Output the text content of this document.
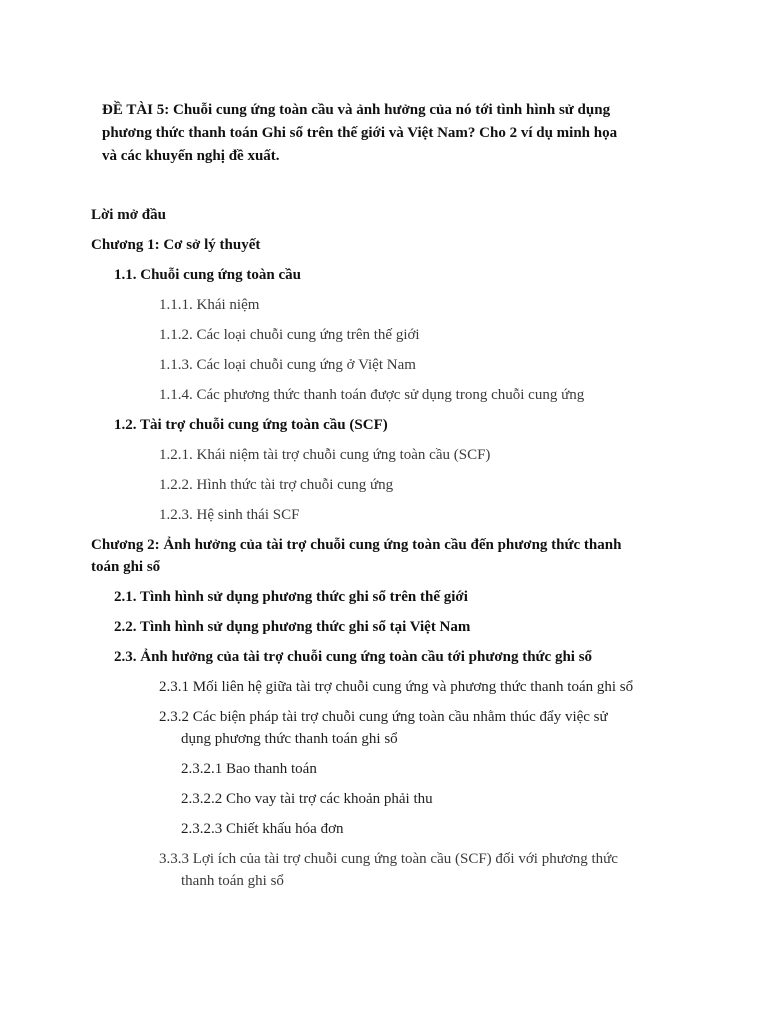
ĐỀ TÀI 5: Chuỗi cung ứng toàn cầu và ảnh hưởng của nó tới tình hình sử dụng
phương thức thanh toán Ghi sổ trên thế giới và Việt Nam? Cho 2 ví dụ minh họa
và các khuyến nghị đề xuất.
Lời mở đầu
Chương 1: Cơ sở lý thuyết
1.1. Chuỗi cung ứng toàn cầu
1.1.1. Khái niệm
1.1.2. Các loại chuỗi cung ứng trên thế giới
1.1.3. Các loại chuỗi cung ứng ở Việt Nam
1.1.4. Các phương thức thanh toán được sử dụng trong chuỗi cung ứng
1.2. Tài trợ chuỗi cung ứng toàn cầu (SCF)
1.2.1. Khái niệm tài trợ chuỗi cung ứng toàn cầu (SCF)
1.2.2. Hình thức tài trợ chuỗi cung ứng
1.2.3. Hệ sinh thái SCF
Chương 2: Ảnh hưởng của tài trợ chuỗi cung ứng toàn cầu đến phương thức thanh
toán ghi sổ
2.1. Tình hình sử dụng phương thức ghi sổ trên thế giới
2.2. Tình hình sử dụng phương thức ghi sổ tại Việt Nam
2.3. Ảnh hưởng của tài trợ chuỗi cung ứng toàn cầu tới phương thức ghi sổ
2.3.1 Mối liên hệ giữa tài trợ chuỗi cung ứng và phương thức thanh toán ghi sổ
2.3.2 Các biện pháp tài trợ chuỗi cung ứng toàn cầu nhằm thúc đẩy việc sử
dụng phương thức thanh toán ghi sổ
2.3.2.1 Bao thanh toán
2.3.2.2 Cho vay tài trợ các khoản phải thu
2.3.2.3 Chiết khấu hóa đơn
3.3.3 Lợi ích của tài trợ chuỗi cung ứng toàn cầu (SCF) đối với phương thức
thanh toán ghi sổ
